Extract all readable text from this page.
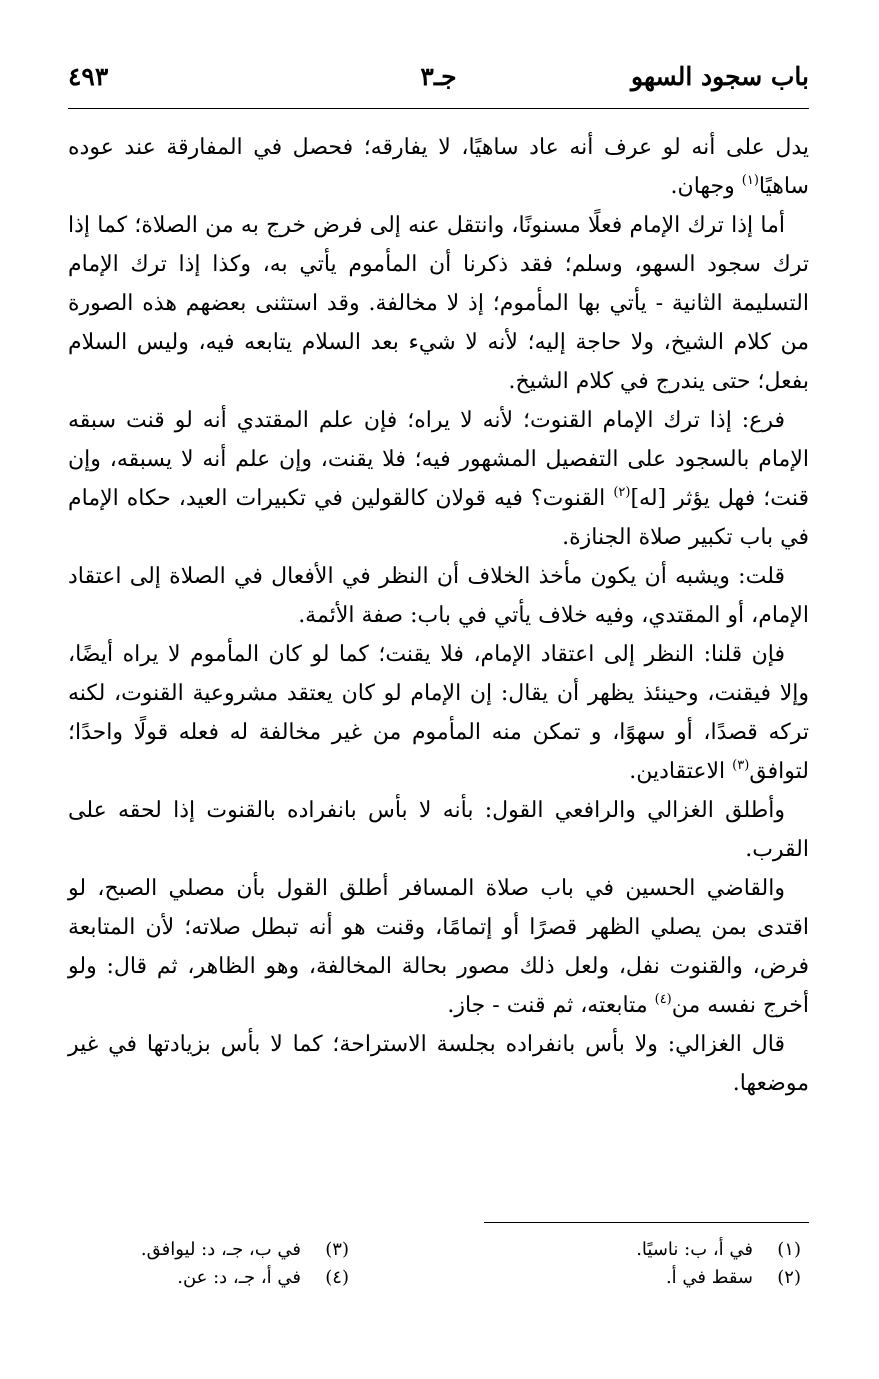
باب سجود السهو
جـ٣
٤٩٣

يدل على أنه لو عرف أنه عاد ساهيًا، لا يفارقه؛ فحصل في المفارقة عند عوده ساهيًا$^{(١)}$ وجهان.

أما إذا ترك الإمام فعلًا مسنونًا، وانتقل عنه إلى فرض خرج به من الصلاة؛ كما إذا ترك سجود السهو، وسلم؛ فقد ذكرنا أن المأموم يأتي به، وكذا إذا ترك الإمام التسليمة الثانية - يأتي بها المأموم؛ إذ لا مخالفة. وقد استثنى بعضهم هذه الصورة من كلام الشيخ، ولا حاجة إليه؛ لأنه لا شيء بعد السلام يتابعه فيه، وليس السلام بفعل؛ حتى يندرج في كلام الشيخ.

فرع: إذا ترك الإمام القنوت؛ لأنه لا يراه؛ فإن علم المقتدي أنه لو قنت سبقه الإمام بالسجود على التفصيل المشهور فيه؛ فلا يقنت، وإن علم أنه لا يسبقه، وإن قنت؛ فهل يؤثر [له]$^{(٢)}$ القنوت؟ فيه قولان كالقولين في تكبيرات العيد، حكاه الإمام في باب تكبير صلاة الجنازة.

قلت: ويشبه أن يكون مأخذ الخلاف أن النظر في الأفعال في الصلاة إلى اعتقاد الإمام، أو المقتدي، وفيه خلاف يأتي في باب: صفة الأئمة.

فإن قلنا: النظر إلى اعتقاد الإمام، فلا يقنت؛ كما لو كان المأموم لا يراه أيضًا، وإلا فيقنت، وحينئذ يظهر أن يقال: إن الإمام لو كان يعتقد مشروعية القنوت، لكنه تركه قصدًا، أو سهوًا، و تمكن منه المأموم من غير مخالفة له فعله قولًا واحدًا؛ لتوافق$^{(٣)}$ الاعتقادين.

وأطلق الغزالي والرافعي القول: بأنه لا بأس بانفراده بالقنوت إذا لحقه على القرب.

والقاضي الحسين في باب صلاة المسافر أطلق القول بأن مصلي الصبح، لو اقتدى بمن يصلي الظهر قصرًا أو إتمامًا، وقنت هو أنه تبطل صلاته؛ لأن المتابعة فرض، والقنوت نفل، ولعل ذلك مصور بحالة المخالفة، وهو الظاهر، ثم قال: ولو أخرج نفسه من$^{(٤)}$ متابعته، ثم قنت - جاز.

قال الغزالي: ولا بأس بانفراده بجلسة الاستراحة؛ كما لا بأس بزيادتها في غير موضعها.

(١)في أ، ب: ناسيًا.
(٢)سقط في أ.
(٣)في ب، جـ، د: ليوافق.
(٤)في أ، جـ، د: عن.
